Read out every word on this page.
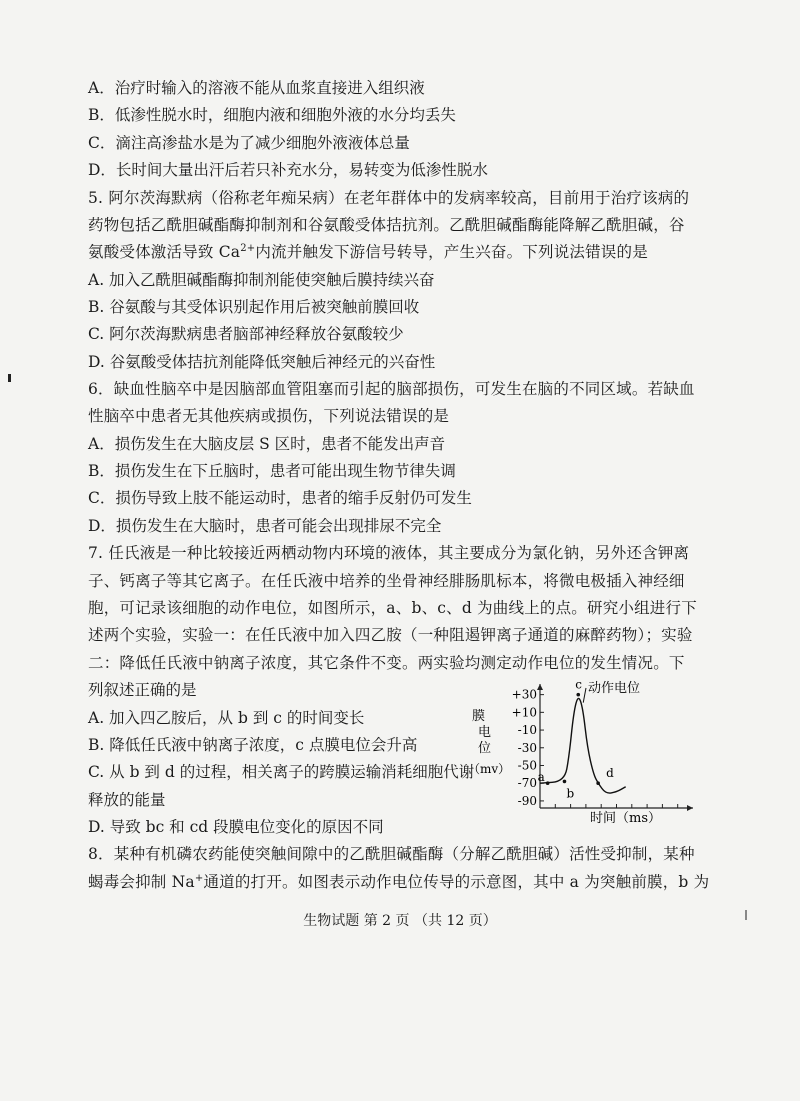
A．治疗时输入的溶液不能从血浆直接进入组织液
B．低渗性脱水时，细胞内液和细胞外液的水分均丢失
C．滴注高渗盐水是为了减少细胞外液液体总量
D．长时间大量出汗后若只补充水分，易转变为低渗性脱水
5. 阿尔茨海默病（俗称老年痴呆病）在老年群体中的发病率较高，目前用于治疗该病的
药物包括乙酰胆碱酯酶抑制剂和谷氨酸受体拮抗剂。乙酰胆碱酯酶能降解乙酰胆碱，谷
氨酸受体激活导致 $Ca^{2+}$内流并触发下游信号转导，产生兴奋。下列说法错误的是
A. 加入乙酰胆碱酯酶抑制剂能使突触后膜持续兴奋
B. 谷氨酸与其受体识别起作用后被突触前膜回收
C. 阿尔茨海默病患者脑部神经释放谷氨酸较少
D. 谷氨酸受体拮抗剂能降低突触后神经元的兴奋性
6．缺血性脑卒中是因脑部血管阻塞而引起的脑部损伤，可发生在脑的不同区域。若缺血
性脑卒中患者无其他疾病或损伤，下列说法错误的是
A．损伤发生在大脑皮层 S 区时，患者不能发出声音
B．损伤发生在下丘脑时，患者可能出现生物节律失调
C．损伤导致上肢不能运动时，患者的缩手反射仍可发生
D．损伤发生在大脑时，患者可能会出现排尿不完全
7. 任氏液是一种比较接近两栖动物内环境的液体，其主要成分为氯化钠，另外还含钾离
子、钙离子等其它离子。在任氏液中培养的坐骨神经腓肠肌标本，将微电极插入神经细
胞，可记录该细胞的动作电位，如图所示，a、b、c、d 为曲线上的点。研究小组进行下
述两个实验，实验一：在任氏液中加入四乙胺（一种阻遏钾离子通道的麻醉药物）；实验
二：降低任氏液中钠离子浓度，其它条件不变。两实验均测定动作电位的发生情况。下
列叙述正确的是
A. 加入四乙胺后，从 b 到 c 的时间变长
B. 降低任氏液中钠离子浓度，c 点膜电位会升高
C. 从 b 到 d 的过程，相关离子的跨膜运输消耗细胞代谢
释放的能量
D. 导致 bc 和 cd 段膜电位变化的原因不同
动作电位
膜
电
位
（mv）
时间（ms）
+30
+10
-10
-30
-50
-70
-90
a
b
c
d
8．某种有机磷农药能使突触间隙中的乙酰胆碱酯酶（分解乙酰胆碱）活性受抑制，某种
蝎毒会抑制 Na+通道的打开。如图表示动作电位传导的示意图，其中 a 为突触前膜，b 为
生物试题 第 2 页 （共 12 页）
